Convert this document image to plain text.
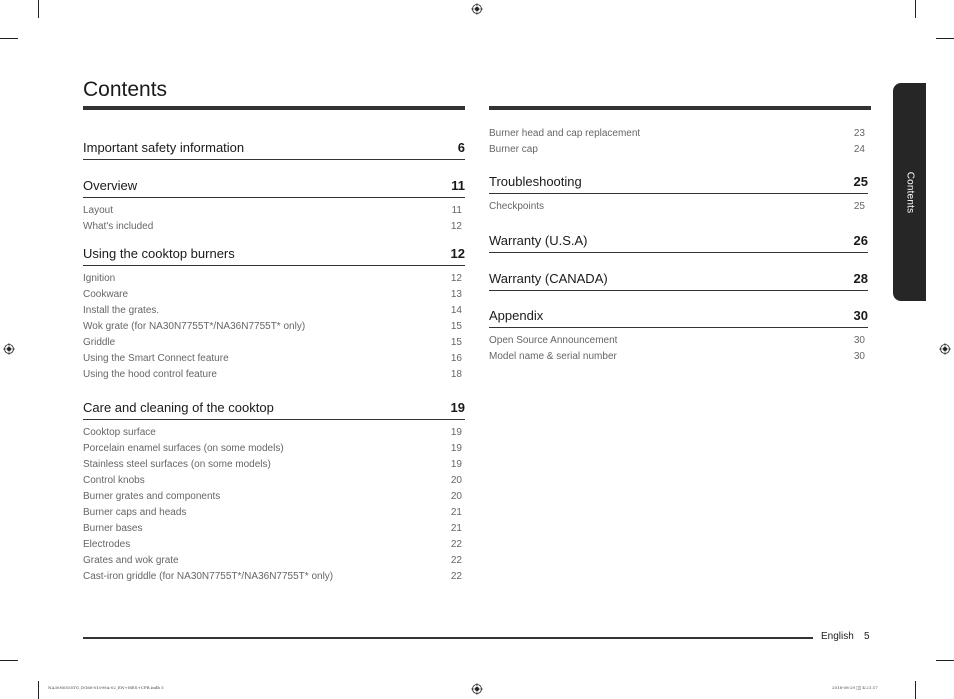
Contents
Contents
Important safety information	6
Overview	11
Layout	11
What's included	12
Using the cooktop burners	12
Ignition	12
Cookware	13
Install the grates.	14
Wok grate (for NA30N7755T*/NA36N7755T* only)	15
Griddle	15
Using the Smart Connect feature	16
Using the hood control feature	18
Care and cleaning of the cooktop	19
Cooktop surface	19
Porcelain enamel surfaces (on some models)	19
Stainless steel surfaces (on some models)	19
Control knobs	20
Burner grates and components	20
Burner caps and heads	21
Burner bases	21
Electrodes	22
Grates and wok grate	22
Cast-iron griddle (for NA30N7755T*/NA36N7755T* only)	22
Burner head and cap replacement	23
Burner cap	24
Troubleshooting	25
Checkpoints	25
Warranty (U.S.A)	26
Warranty (CANADA)	28
Appendix	30
Open Source Announcement	30
Model name & serial number	30
English 5
NA30N6555TG_DG68-01099A-02_EN+MES+CFR.indb 5	2018-08-29 ￿￿ 4:21:17
